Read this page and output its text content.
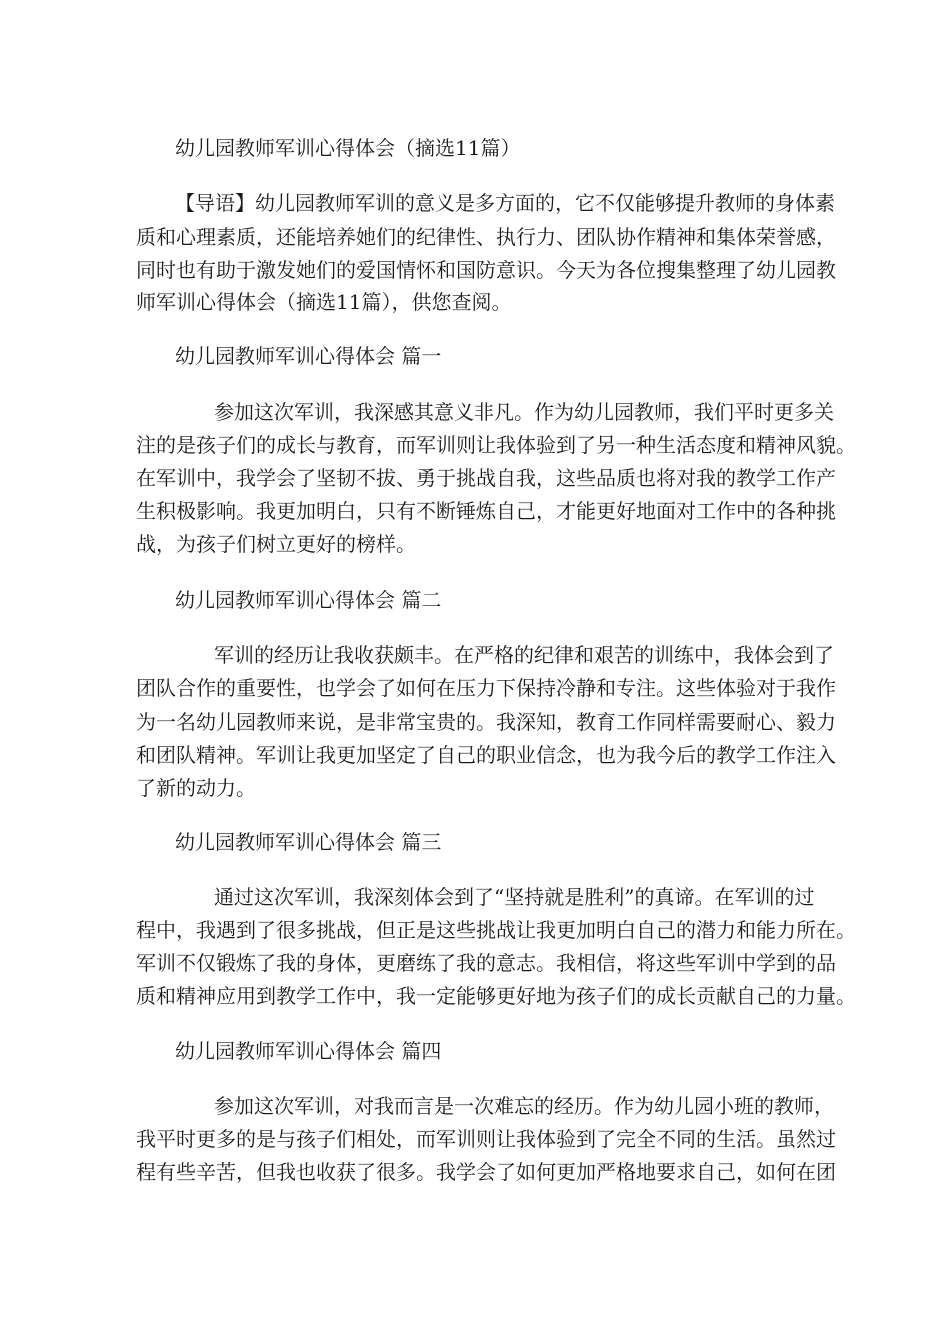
幼儿园教师军训心得体会（摘选11篇）
【导语】幼儿园教师军训的意义是多方面的，它不仅能够提升教师的身体素
质和心理素质，还能培养她们的纪律性、执行力、团队协作精神和集体荣誉感，
同时也有助于激发她们的爱国情怀和国防意识。今天为各位搜集整理了幼儿园教
师军训心得体会（摘选11篇），供您查阅。
幼儿园教师军训心得体会 篇一
参加这次军训，我深感其意义非凡。作为幼儿园教师，我们平时更多关
注的是孩子们的成长与教育，而军训则让我体验到了另一种生活态度和精神风貌。
在军训中，我学会了坚韧不拔、勇于挑战自我，这些品质也将对我的教学工作产
生积极影响。我更加明白，只有不断锤炼自己，才能更好地面对工作中的各种挑
战，为孩子们树立更好的榜样。
幼儿园教师军训心得体会 篇二
军训的经历让我收获颇丰。在严格的纪律和艰苦的训练中，我体会到了
团队合作的重要性，也学会了如何在压力下保持冷静和专注。这些体验对于我作
为一名幼儿园教师来说，是非常宝贵的。我深知，教育工作同样需要耐心、毅力
和团队精神。军训让我更加坚定了自己的职业信念，也为我今后的教学工作注入
了新的动力。
幼儿园教师军训心得体会 篇三
通过这次军训，我深刻体会到了“坚持就是胜利”的真谛。在军训的过
程中，我遇到了很多挑战，但正是这些挑战让我更加明白自己的潜力和能力所在。
军训不仅锻炼了我的身体，更磨练了我的意志。我相信，将这些军训中学到的品
质和精神应用到教学工作中，我一定能够更好地为孩子们的成长贡献自己的力量。
幼儿园教师军训心得体会 篇四
参加这次军训，对我而言是一次难忘的经历。作为幼儿园小班的教师，
我平时更多的是与孩子们相处，而军训则让我体验到了完全不同的生活。虽然过
程有些辛苦，但我也收获了很多。我学会了如何更加严格地要求自己，如何在团
